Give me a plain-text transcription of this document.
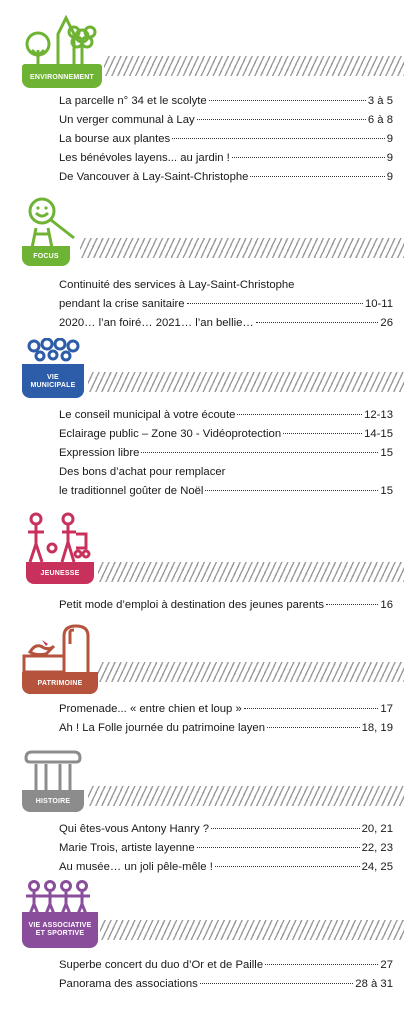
ENVIRONNEMENT
La parcelle n° 34 et le scolyte	3 à 5
Un verger communal à Lay	6 à 8
La bourse aux plantes	9
Les bénévoles layens... au jardin !	9
De Vancouver à Lay-Saint-Christophe	9
FOCUS
Continuité des services à Lay-Saint-Christophe
pendant la crise sanitaire	10-11
2020… l’an foiré… 2021… l’an bellie…	26
VIE
MUNICIPALE
Le conseil municipal à votre écoute	12-13
Eclairage public – Zone 30 - Vidéoprotection	14-15
Expression libre	15
Des bons d’achat pour remplacer
le traditionnel goûter de Noël	15
JEUNESSE
Petit mode d’emploi à destination des jeunes parents	16
PATRIMOINE
Promenade... « entre chien et loup »	17
Ah ! La Folle journée du patrimoine layen	18, 19
HISTOIRE
Qui êtes-vous Antony Hanry ?	20, 21
Marie Trois, artiste layenne	22, 23
Au musée… un joli pêle-mêle !	24, 25
VIE ASSOCIATIVE
ET SPORTIVE
Superbe concert du duo d’Or et de Paille	27
Panorama des associations	28 à 31
